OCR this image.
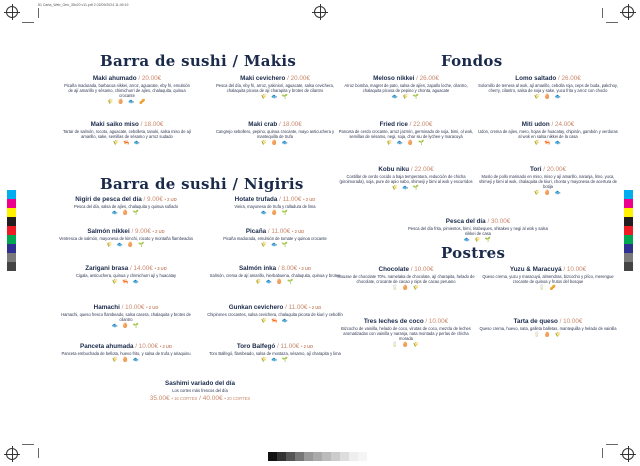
81 Carta_Web_Gen_35x20 v11.pdf 2 02/09/2024 11:49:19
Barra de sushi / Makis
Barra de sushi / Nigiris
Fondos
Postres
Maki ahumado / 20.00€
Picaña madurada, barbacoa nikkei, arroz, aguacate, eby fri, emulsión de ají amarillo y sésamo, chimichurri de ajíes, chalaquita, quinua crocante
🌾 🥚 🐟 🥜
Maki cevichero / 20.00€
Pesca del día, eby fri, arroz, yakiniori, aguacate, salsa cevichera, chalaquita picosa de ají charapita y brotes de cilantro
🌾 🐟 🌱
Maki saiko miso / 18.00€
Tartar de salmón, rocoto, aguacate, cebolleta, tanuki, salsa miso de ají amarillo, sake, semillas de sésamo y arroz sudado
🌾 🦐 🐟
Maki crab / 18.00€
Cangrejo sebollero, pepino, quinua crocante, mayo anticuchera y mantequilla de trufa
🌾 🥚 🐟
Nigiri de pesca del día / 9.00€ • 2 UD
Pesca del día, salsa de ajíes, chalaquita y quinua sufiado
🐟 🥚 🌱
Hotate trufada / 11.00€ • 2 UD
Vieira, mayonesa de trufa y ralladura de lima
🐟 🥚 🌱
Salmón nikkei / 9.00€ • 2 UD
Ventresca de salmón, mayonesa de kimchi, rocoto y montaña flambeados
🌾 🐟 🥚 🌱
Picaña / 11.00€ • 2 UD
Picaña madurada, emulsión de tomate y quinoa crocante
🌾 🐟 🌱
Zarigani brasa / 14.00€ • 3 UD
Cigala, anticuchera, quinua y chimichurri ají y huacatay
🌾 🦐 🐟
Salmón inka / 8.00€ • 2 UD
Salmón, crema de ají amarillo, hierbabuena, chalaquita, quinua y brotes
🌾 🐟 🥚 🌱
Hamachi / 10.00€ • 2 UD
Hamachi, queso fresco flambeado, salsa casera, chalaquita y brotes de cilantro
🐟 🥚 🌱
Gunkan cevichero / 11.00€ • 2 UD
Chipirones crocantes, salsa cevichera, chalaquita picosa de kiuri y cebollín
🌾 🦐 🐟
Panceta ahumada / 10.00€ • 2 UD
Panceta embuchada de bellota, huevo frito, y salsa de trufa y ariaquinu
🌾 🥚 🐟
Toro Balfegó / 11.00€ • 2 UD
Toro Balfegó, flambeado, salsa de mostaza, sésamo, ají charapita y lima
🌾 🐟 🌱
Sashimi variado del día
Los cortes más frescos del día
35.00€ • 16 CORTES / 40.00€ • 20 CORTES
Meloso nikkei / 26.00€
Arroz bomba, magret de pato, salsa de ajíes, zapallo loche, cilantro, chalaquita picosa de pepino y chonta, aguacate
🐟 🌾 🌱
Lomo saltado / 26.00€
Solomillo de ternera al wok, ají amarillo, cebolla roja, ceps de buda, pakchoy, cherry, cilantro, salsa de soja y sake, yuca frita y arroz con choclo
🌾 🥚 🐟
Fried rice / 22.00€
Panceta de cerdo crocante, arroz jazmín, germinado de soja, bimi, ol wok, semillas de sésamo, negi, soja, char siu de lychee y maracuyá
🌾 🐟 🥚 🌱
Miti udon / 24.00€
Udon, crema de ajíes, mero, hojas de huacatay, chipirón, gambón y verduras al wok en salsa nikkei de la casa
🌾 🦐 🐟
Kobu niku / 22.00€
Costillar de cerdo cocido a baja temperatura, reducción de chicha (piroimorada), soja, pure de apio nabo, shimeiji y bimi al wok y escurridos
🌾 🐟 🌱
Tori / 20.00€
Muslo de pollo marinado en miso, miso y ají amarillo, naranja, limo, yuca, shimeji y bimi al wok, chalaquita de kiuri, chonta y mayonesa de acertura de botija
🌾 🥚 🐟
Pesca del día / 30.00€
Pesca del día frita, pimientos, bimi, tirabeques, shitakes y negi al wok y salsa nikkei de casa
🐟 🌾 🌱
Chocolate / 10.00€
Mousse de chocolate 70%, namelaka de chocolate, ají charapita, helado de chocolate, crocante de cacao y nips de cacao peruano
🥛 🥚 🌾
Yuzu & Maracuyá / 10.00€
Queso crema, yuzu y maracuyá, almendras, bizcocho y plíco, merengue crocante de quinoa y frutos del bosque
🥛 🥜
Tres leches de coco / 10.00€
Bizcocho de vainilla, helado de coco, virutas de coco, mezcla de leches aromatizadas con vainilla y naranja, nata montada y perlas de chicha morada
🥛 🥚 🌾
Tarta de queso / 10.00€
Queso crema, huevo, nata, galleta balletas, mantequilla y helado de vainilla
🥛 🥚 🌾
